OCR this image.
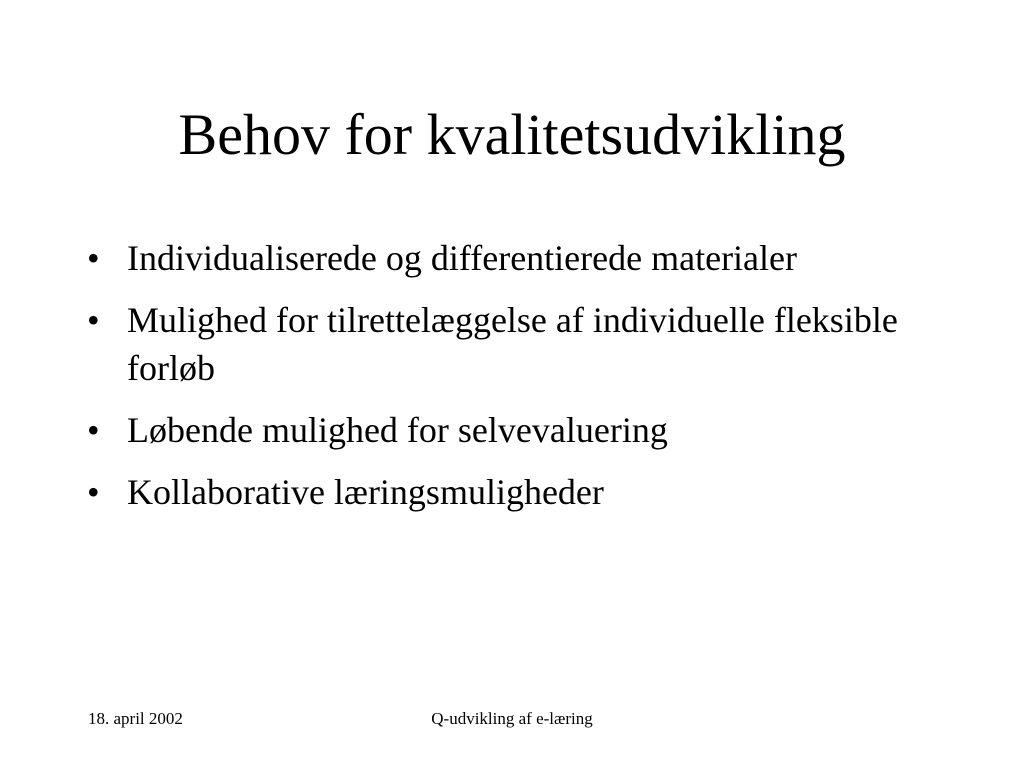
Behov for kvalitetsudvikling
• Individualiserede og differentierede materialer
• Mulighed for tilrettelæggelse af individuelle fleksible forløb
• Løbende mulighed for selvevaluering
• Kollaborative læringsmuligheder
18. april 2002	Q-udvikling af e-læring
